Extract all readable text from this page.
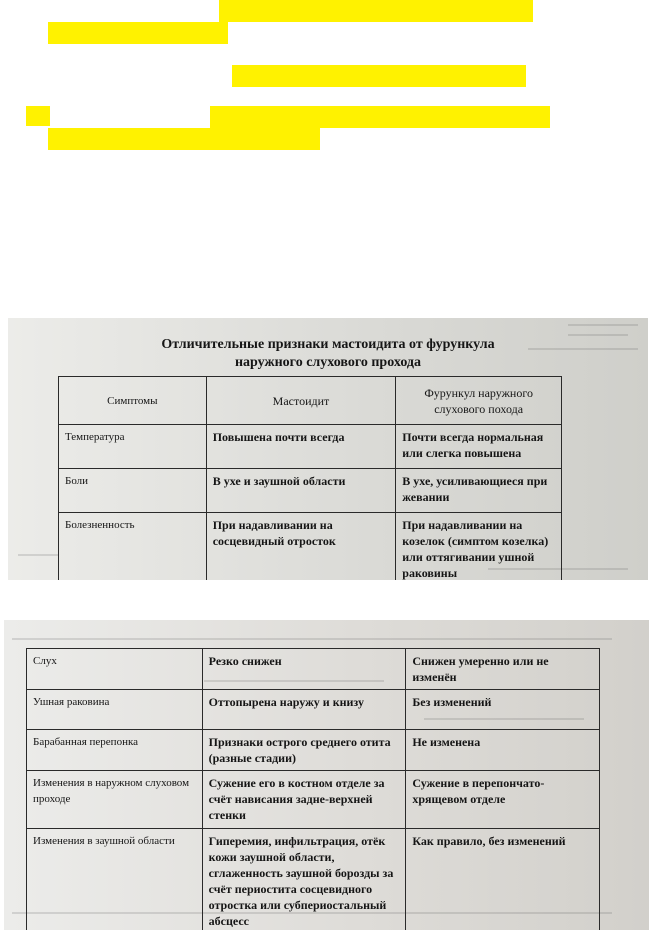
Отличительные признаки мастоидита от фурункула
наружного слухового прохода
Симптомы	Мастоидит	Фурункул наружного слухового похода
Температура	Повышена почти всегда	Почти всегда нормальная или слегка повышена
Боли	В ухе и заушной области	В ухе, усиливающиеся при жевании
Болезненность	При надавливании на сосцевидный отросток	При надавливании на козелок (симптом козелка) или оттягивании ушной раковины
Слух	Резко снижен	Снижен умеренно или не изменён
Ушная раковина	Оттопырена наружу и книзу	Без изменений
Барабанная перепонка	Признаки острого среднего отита (разные стадии)	Не изменена
Изменения в наружном слуховом проходе	Сужение его в костном отделе за счёт нависания задне-верхней стенки	Сужение в перепончато-хрящевом отделе
Изменения в заушной области	Гиперемия, инфильтрация, отёк кожи заушной области, сглаженность заушной борозды за счёт периостита сосцевидного отростка или субпериостальный абсцесс	Как правило, без изменений
